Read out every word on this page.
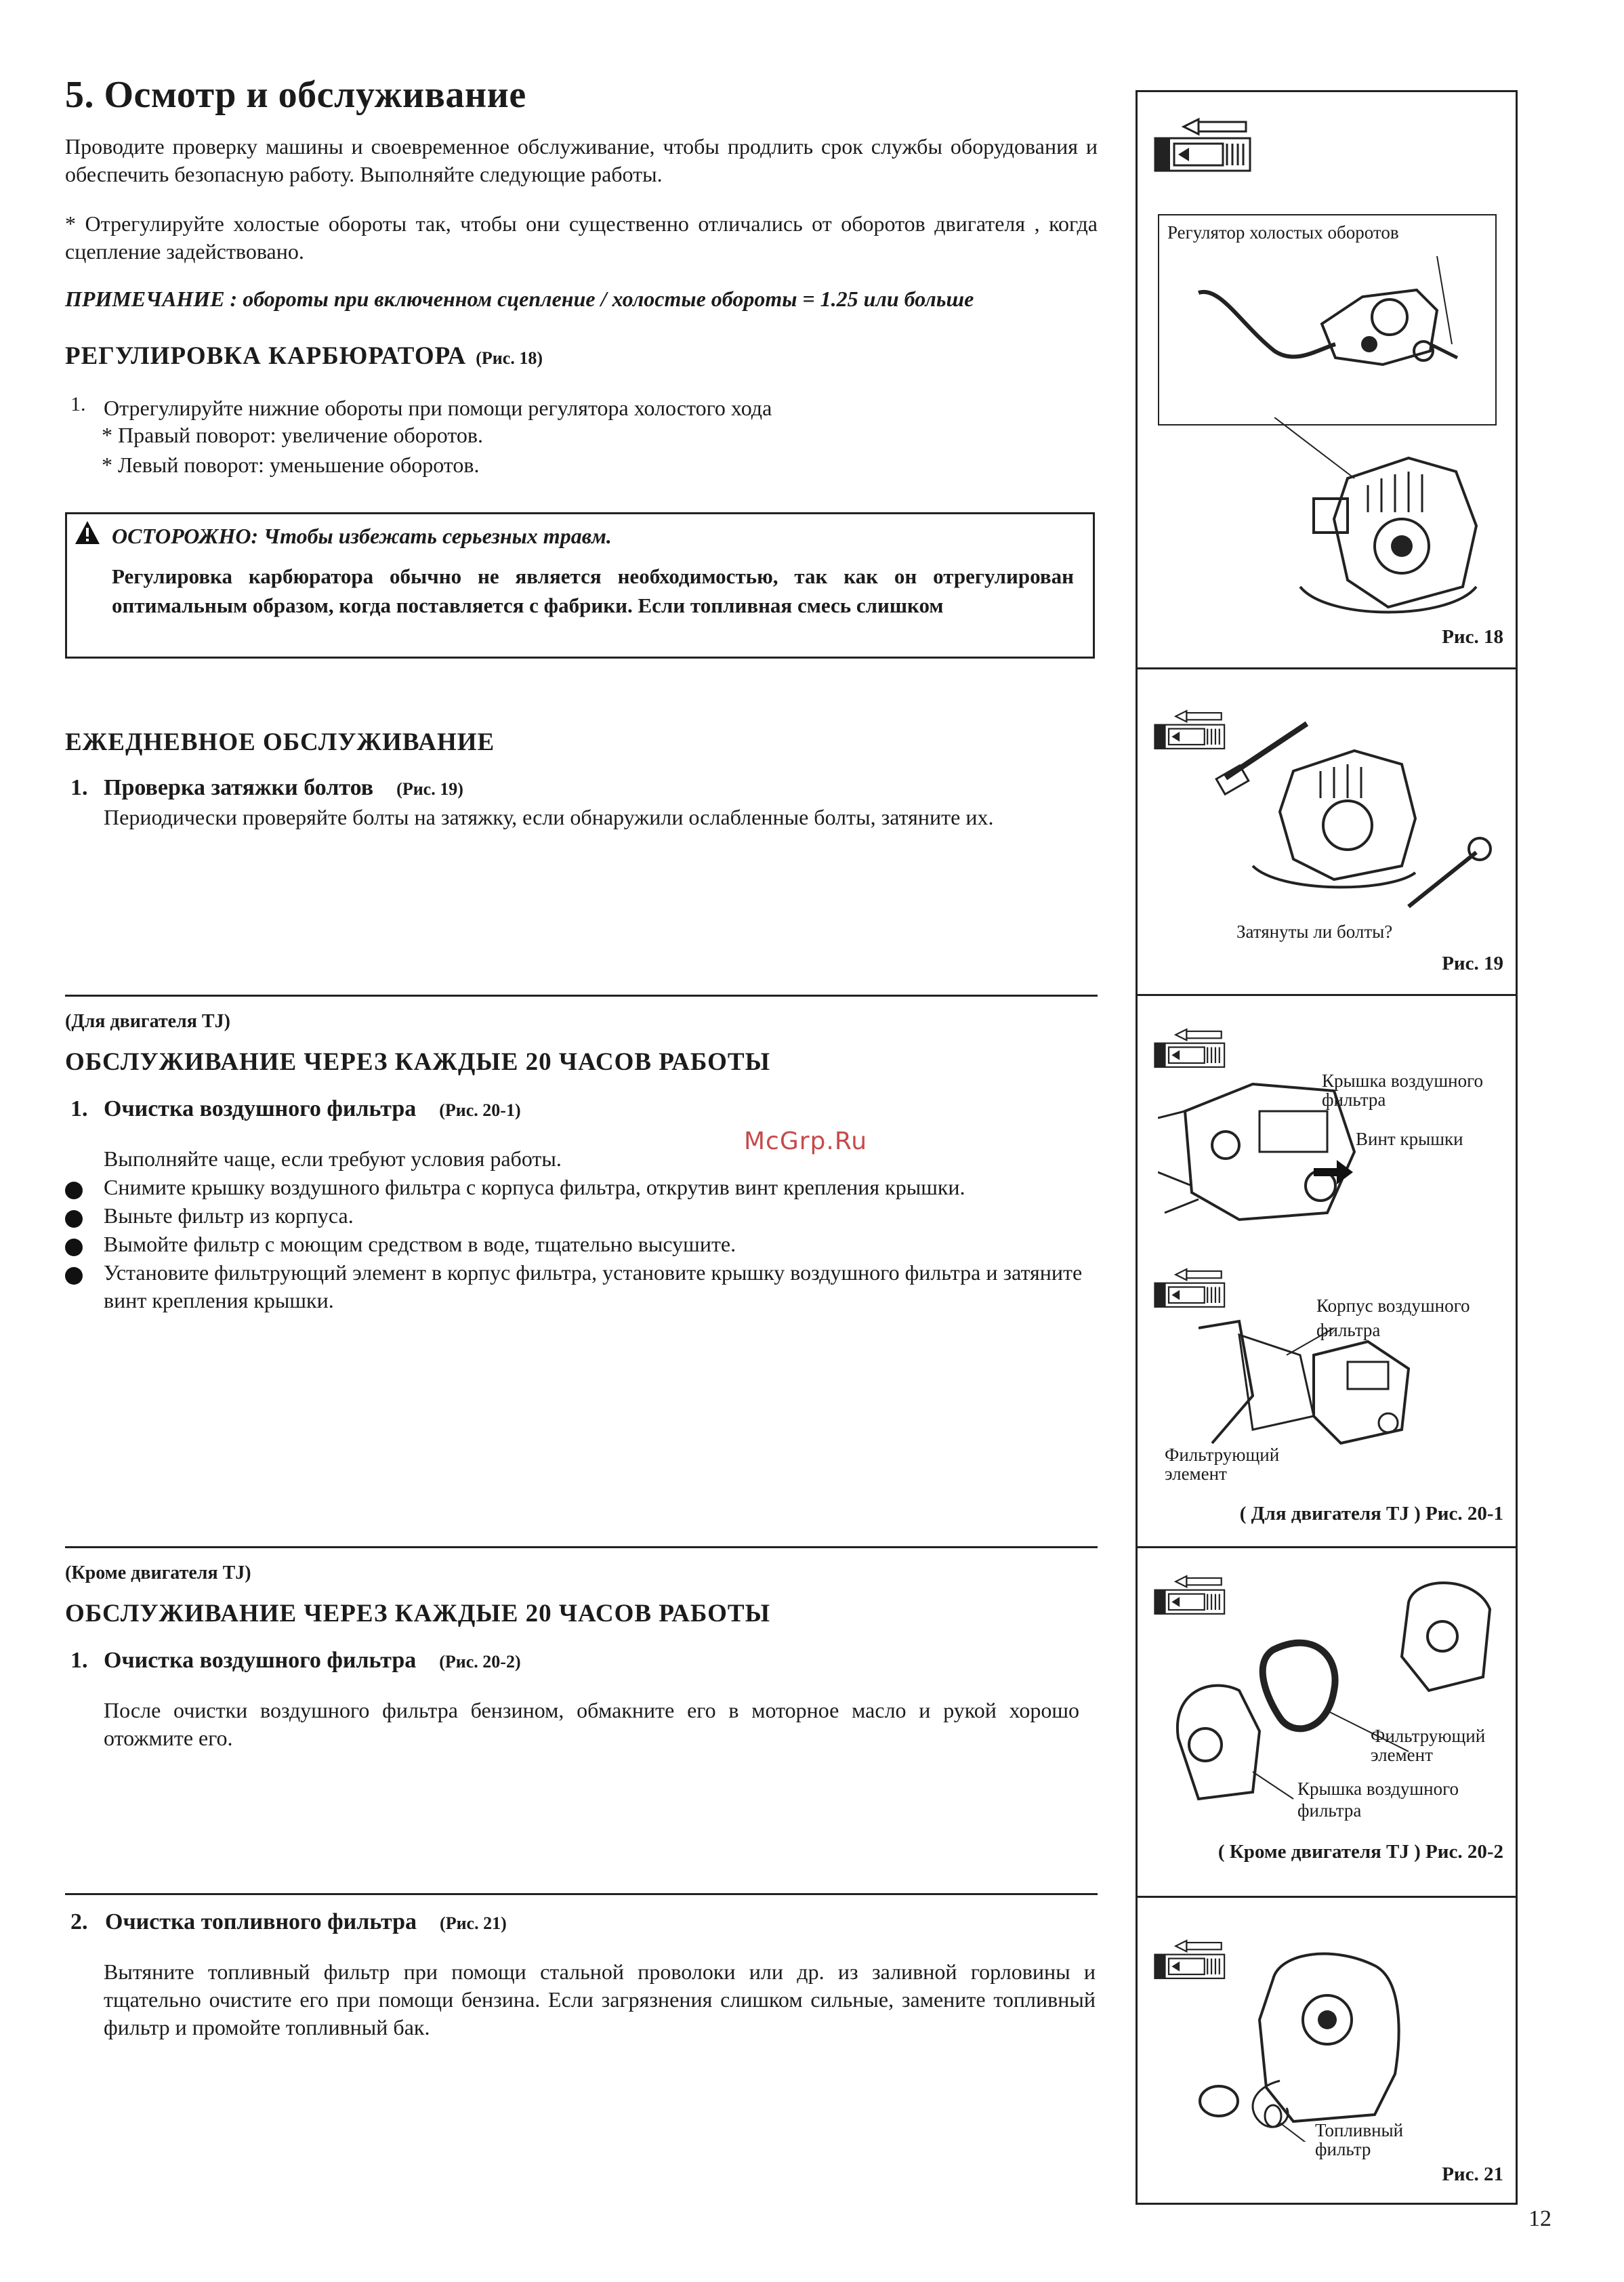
5. Осмотр и обслуживание

Проводите проверку машины и своевременное обслуживание, чтобы продлить срок службы оборудования и обеспечить безопасную работу. Выполняйте следующие работы.

* Отрегулируйте холостые обороты так, чтобы они существенно отличались от оборотов двигателя , когда сцепление задействовано.

ПРИМЕЧАНИЕ : обороты при включенном сцепление / холостые обороты = 1.25 или больше
РЕГУЛИРОВКА КАРБЮРАТОРА (Рис. 18)
1. Отрегулируйте нижние обороты при помощи регулятора холостого хода
* Правый поворот: увеличение оборотов.
* Левый поворот: уменьшение оборотов.
ОСТОРОЖНО: Чтобы избежать серьезных травм.
Регулировка карбюратора обычно не является необходимостью, так как он отрегулирован оптимальным образом, когда поставляется с фабрики. Если топливная смесь слишком
ЕЖЕДНЕВНОЕ ОБСЛУЖИВАНИЕ
1. Проверка затяжки болтов (Рис. 19)
Периодически проверяйте болты на затяжку, если обнаружили ослабленные болты, затяните их.
(Для двигателя TJ)
ОБСЛУЖИВАНИЕ ЧЕРЕЗ КАЖДЫЕ 20 ЧАСОВ РАБОТЫ
1. Очистка воздушного фильтра (Рис. 20-1)
Выполняйте чаще, если требуют условия работы.
Снимите крышку воздушного фильтра с корпуса фильтра, открутив винт крепления крышки.
Выньте фильтр из корпуса.
Вымойте фильтр с моющим средством в воде, тщательно высушите.
Установите фильтрующий элемент в корпус фильтра, установите крышку воздушного фильтра и затяните винт крепления крышки.
(Кроме двигателя TJ)
ОБСЛУЖИВАНИЕ ЧЕРЕЗ КАЖДЫЕ 20 ЧАСОВ РАБОТЫ
1. Очистка воздушного фильтра (Рис. 20-2)
После очистки воздушного фильтра бензином, обмакните его в моторное масло и рукой хорошо отожмите его.
2. Очистка топливного фильтра (Рис. 21)
Вытяните топливный фильтр при помощи стальной проволоки или др. из заливной горловины и тщательно очистите его при помощи бензина. Если загрязнения слишком сильные, замените топливный фильтр и промойте топливный бак.
McGrp.Ru
Регулятор холостых оборотов
Рис. 18
Затянуты ли болты?
Рис. 19
Крышка воздушного
фильтра
Винт крышки
Корпус воздушного
фильтра
Фильтрующий
элемент
( Для двигателя TJ ) Рис. 20-1
Фильтрующий
элемент
Крышка воздушного
фильтра
( Кроме двигателя TJ ) Рис. 20-2
Топливный
фильтр
Рис. 21
12
